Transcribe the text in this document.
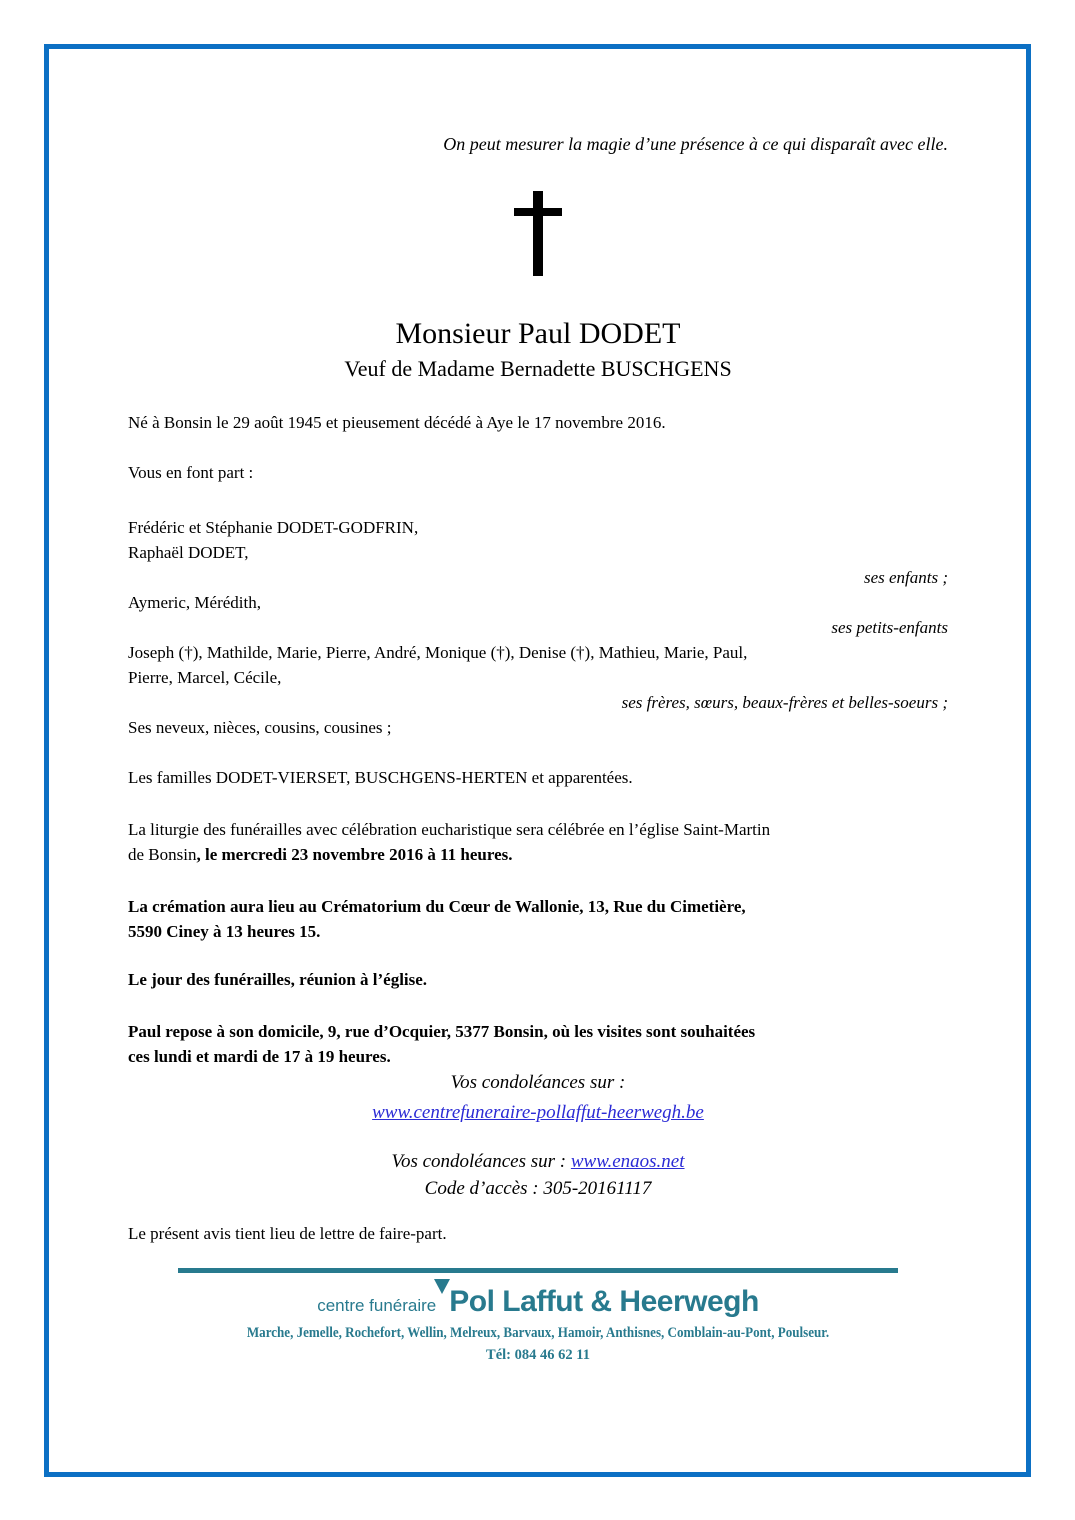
On peut mesurer la magie d’une présence à ce qui disparaît avec elle.

Monsieur Paul DODET
Veuf de Madame Bernadette BUSCHGENS

Né à Bonsin le 29 août 1945 et pieusement décédé à Aye le 17 novembre 2016.

Vous en font part :

Frédéric et Stéphanie DODET-GODFRIN,
Raphaël DODET,
ses enfants ;
Aymeric, Mérédith,
ses petits-enfants
Joseph (†), Mathilde, Marie, Pierre, André, Monique (†), Denise (†), Mathieu, Marie, Paul,
Pierre, Marcel, Cécile,
ses frères, sœurs, beaux-frères et belles-soeurs ;
Ses neveux, nièces, cousins, cousines ;

Les familles DODET-VIERSET, BUSCHGENS-HERTEN et apparentées.

La liturgie des funérailles avec célébration eucharistique sera célébrée en l’église Saint-Martin
de Bonsin, le mercredi 23 novembre 2016 à 11 heures.

La crémation aura lieu au Crématorium du Cœur de Wallonie, 13, Rue du Cimetière,
5590 Ciney à 13 heures 15.

Le jour des funérailles, réunion à l’église.

Paul repose à son domicile, 9, rue d’Ocquier, 5377 Bonsin, où les visites sont souhaitées
ces lundi et mardi de 17 à 19 heures.

Vos condoléances sur :

www.centrefuneraire-pollaffut-heerwegh.be

Vos condoléances sur : www.enaos.net

Code d’accès : 305-20161117

Le présent avis tient lieu de lettre de faire-part.

centre funéraire Pol Laffut & Heerwegh

Marche, Jemelle, Rochefort, Wellin, Melreux, Barvaux, Hamoir, Anthisnes, Comblain-au-Pont, Poulseur.

Tél: 084 46 62 11
